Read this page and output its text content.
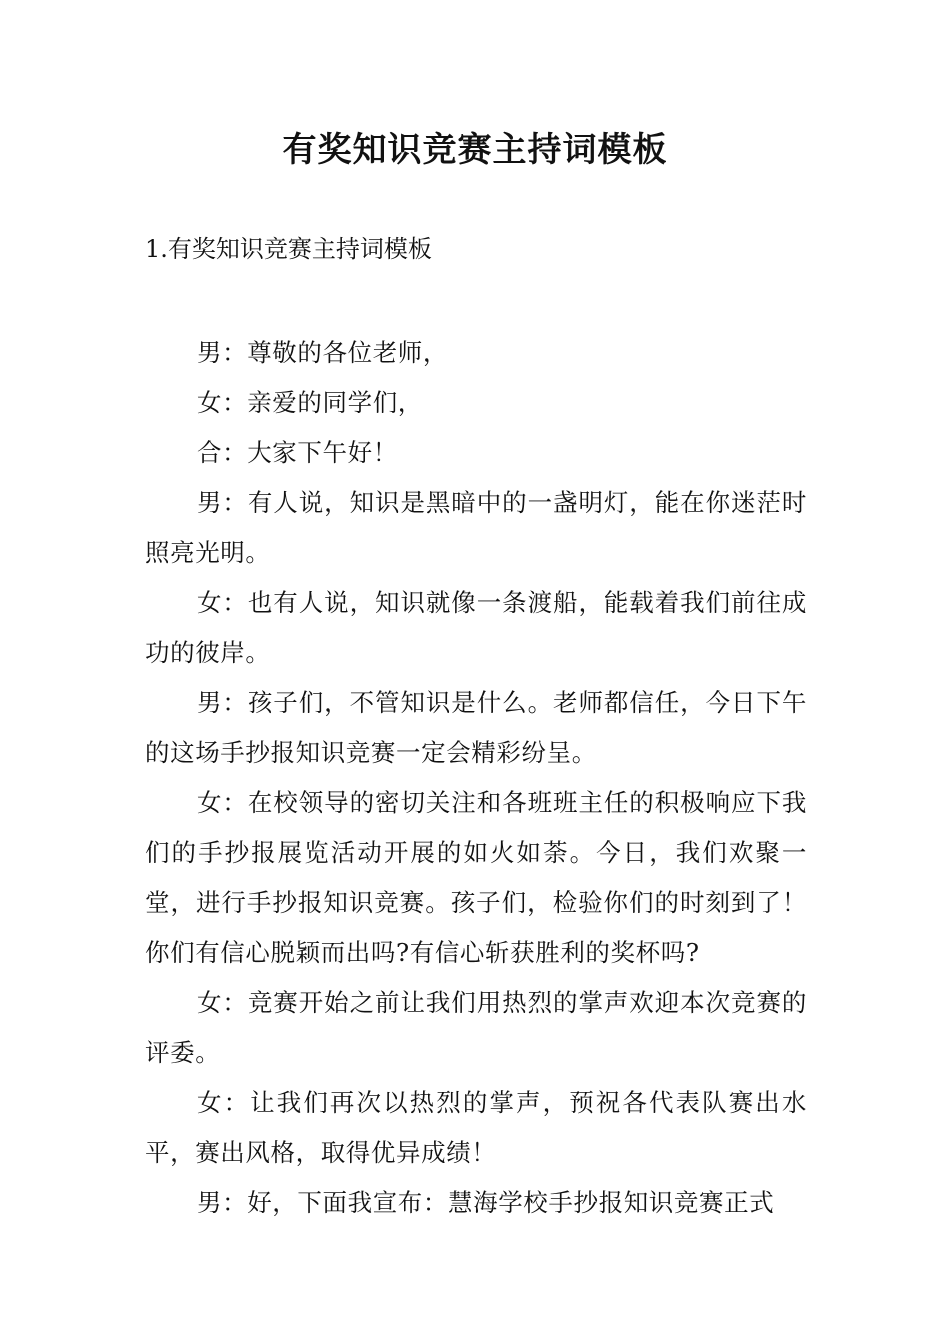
有奖知识竞赛主持词模板
1.有奖知识竞赛主持词模板

男：尊敬的各位老师，

女：亲爱的同学们，

合：大家下午好！

男：有人说，知识是黑暗中的一盏明灯，能在你迷茫时照亮光明。

女：也有人说，知识就像一条渡船，能载着我们前往成功的彼岸。

男：孩子们，不管知识是什么。老师都信任，今日下午的这场手抄报知识竞赛一定会精彩纷呈。

女：在校领导的密切关注和各班班主任的积极响应下我们的手抄报展览活动开展的如火如荼。今日，我们欢聚一堂，进行手抄报知识竞赛。孩子们，检验你们的时刻到了！你们有信心脱颖而出吗?有信心斩获胜利的奖杯吗?

女：竞赛开始之前让我们用热烈的掌声欢迎本次竞赛的评委。

女：让我们再次以热烈的掌声，预祝各代表队赛出水平，赛出风格，取得优异成绩！

男：好，下面我宣布：慧海学校手抄报知识竞赛正式
